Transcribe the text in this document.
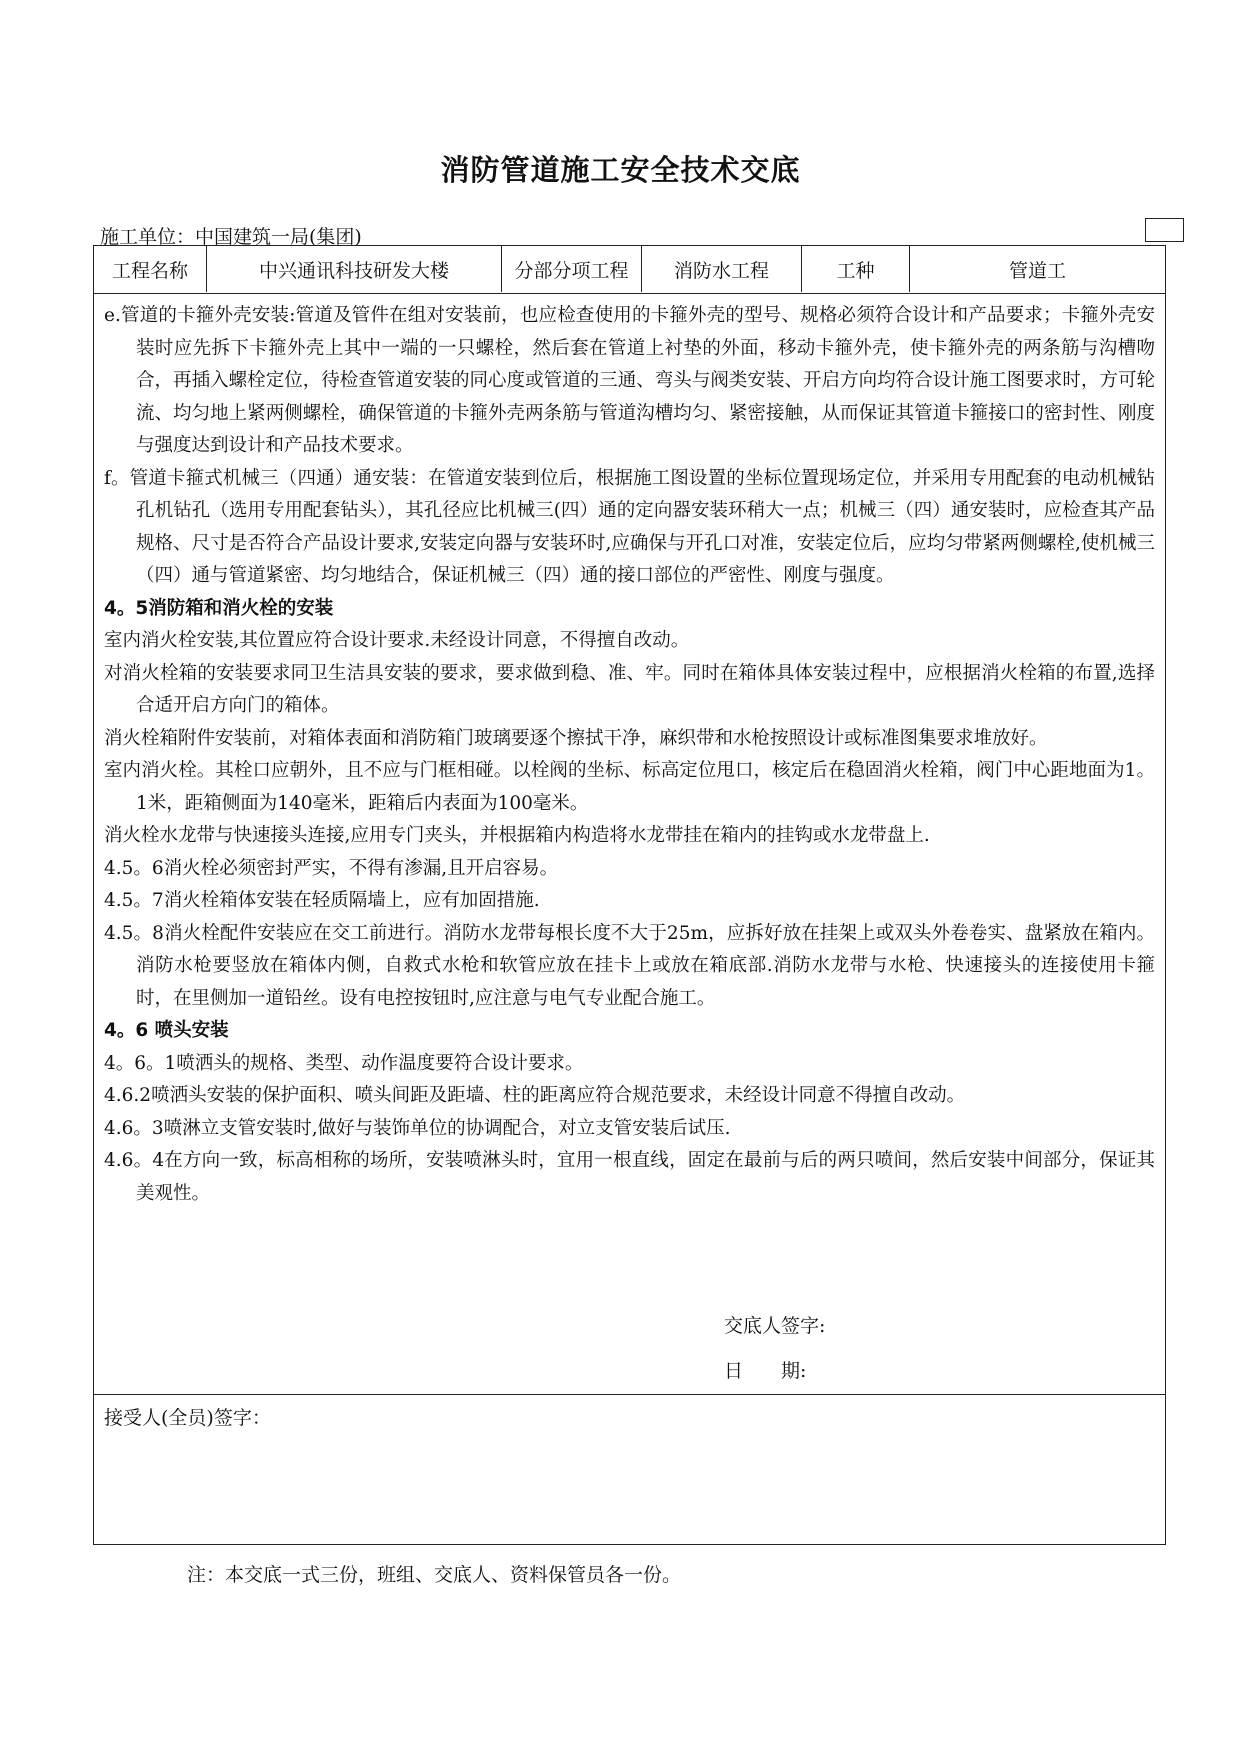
消防管道施工安全技术交底
施工单位：中国建筑一局(集团)
工程名称	中兴通讯科技研发大楼	分部分项工程	消防水工程	工种	管道工

e.管道的卡箍外壳安装:管道及管件在组对安装前，也应检查使用的卡箍外壳的型号、规格必须符合设计和产品要求；卡箍外壳安装时应先拆下卡箍外壳上其中一端的一只螺栓，然后套在管道上衬垫的外面，移动卡箍外壳，使卡箍外壳的两条筋与沟槽吻合，再插入螺栓定位，待检查管道安装的同心度或管道的三通、弯头与阀类安装、开启方向均符合设计施工图要求时，方可轮流、均匀地上紧两侧螺栓，确保管道的卡箍外壳两条筋与管道沟槽均匀、紧密接触，从而保证其管道卡箍接口的密封性、刚度与强度达到设计和产品技术要求。

f。管道卡箍式机械三（四通）通安装：在管道安装到位后，根据施工图设置的坐标位置现场定位，并采用专用配套的电动机械钻孔机钻孔（选用专用配套钻头），其孔径应比机械三(四）通的定向器安装环稍大一点；机械三（四）通安装时，应检查其产品规格、尺寸是否符合产品设计要求,安装定向器与安装环时,应确保与开孔口对准，安装定位后，应均匀带紧两侧螺栓,使机械三（四）通与管道紧密、均匀地结合，保证机械三（四）通的接口部位的严密性、刚度与强度。

4。5消防箱和消火栓的安装

室内消火栓安装,其位置应符合设计要求.未经设计同意，不得擅自改动。

对消火栓箱的安装要求同卫生洁具安装的要求，要求做到稳、准、牢。同时在箱体具体安装过程中，应根据消火栓箱的布置,选择合适开启方向门的箱体。

消火栓箱附件安装前，对箱体表面和消防箱门玻璃要逐个擦拭干净，麻织带和水枪按照设计或标准图集要求堆放好。

室内消火栓。其栓口应朝外，且不应与门框相碰。以栓阀的坐标、标高定位甩口，核定后在稳固消火栓箱，阀门中心距地面为1。1米，距箱侧面为140毫米，距箱后内表面为100毫米。

消火栓水龙带与快速接头连接,应用专门夹头，并根据箱内构造将水龙带挂在箱内的挂钩或水龙带盘上.

4.5。6消火栓必须密封严实，不得有渗漏,且开启容易。

4.5。7消火栓箱体安装在轻质隔墙上，应有加固措施.

4.5。8消火栓配件安装应在交工前进行。消防水龙带每根长度不大于25m，应拆好放在挂架上或双头外卷卷实、盘紧放在箱内。消防水枪要竖放在箱体内侧，自救式水枪和软管应放在挂卡上或放在箱底部.消防水龙带与水枪、快速接头的连接使用卡箍时，在里侧加一道铅丝。设有电控按钮时,应注意与电气专业配合施工。

4。6 喷头安装

4。6。1喷洒头的规格、类型、动作温度要符合设计要求。

4.6.2喷洒头安装的保护面积、喷头间距及距墙、柱的距离应符合规范要求，未经设计同意不得擅自改动。

4.6。3喷淋立支管安装时,做好与装饰单位的协调配合，对立支管安装后试压.

4.6。4在方向一致，标高相称的场所，安装喷淋头时，宜用一根直线，固定在最前与后的两只喷间，然后安装中间部分，保证其美观性。

交底人签字:
日　　期:
接受人(全员)签字：
注：本交底一式三份，班组、交底人、资料保管员各一份。
